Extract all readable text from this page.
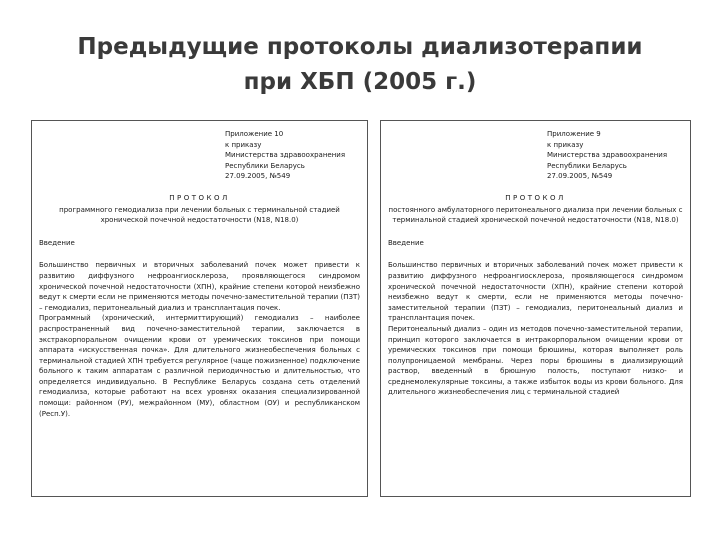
Предыдущие протоколы диализотерапии
при ХБП (2005 г.)
Приложение 10
к приказу
Министерства здравоохранения
Республики Беларусь
27.09.2005, №549
ПРОТОКОЛ
программного гемодиализа при лечении больных с терминальной стадией хронической почечной недостаточности (N18, N18.0)
Введение

Большинство первичных и вторичных заболеваний почек может привести к развитию диффузного нефроангиосклероза, проявляющегося синдромом хронической почечной недостаточности (ХПН), крайние степени которой неизбежно ведут к смерти если не применяются методы почечно-заместительной терапии (ПЗТ) – гемодиализ, перитонеальный диализ и трансплантация почек.

Программный (хронический, интермиттирующий) гемодиализ – наиболее распространенный вид почечно-заместительной терапии, заключается в экстракорпоральном очищении крови от уремических токсинов при помощи аппарата «искусственная почка». Для длительного жизнеобеспечения больных с терминальной стадией ХПН требуется регулярное (чаще пожизненное) подключение больного к таким аппаратам с различной периодичностью и длительностью, что определяется индивидуально. В Республике Беларусь создана сеть отделений гемодиализа, которые работают на всех уровнях оказания специализированной помощи: районном (РУ), межрайонном (МУ), областном (ОУ) и республиканском (Респ.У).

Приложение 9
к приказу
Министерства здравоохранения
Республики Беларусь
27.09.2005, №549
ПРОТОКОЛ
постоянного амбулаторного перитонеального диализа при лечении больных с терминальной стадией хронической почечной недостаточности (N18, N18.0)
Введение

Большинство первичных и вторичных заболеваний почек может привести к развитию диффузного нефроангиосклероза, проявляющегося синдромом хронической почечной недостаточности (ХПН), крайние степени которой неизбежно ведут к смерти, если не применяются методы почечно-заместительной терапии (ПЗТ) – гемодиализ, перитонеальный диализ и трансплантация почек.

Перитонеальный диализ – один из методов почечно-заместительной терапии, принцип которого заключается в интракорпоральном очищении крови от уремических токсинов при помощи брюшины, которая выполняет роль полупроницаемой мембраны. Через поры брюшины в диализирующий раствор, введенный в брюшную полость, поступают низко- и среднемолекулярные токсины, а также избыток воды из крови больного. Для длительного жизнеобеспечения лиц с терминальной стадией
